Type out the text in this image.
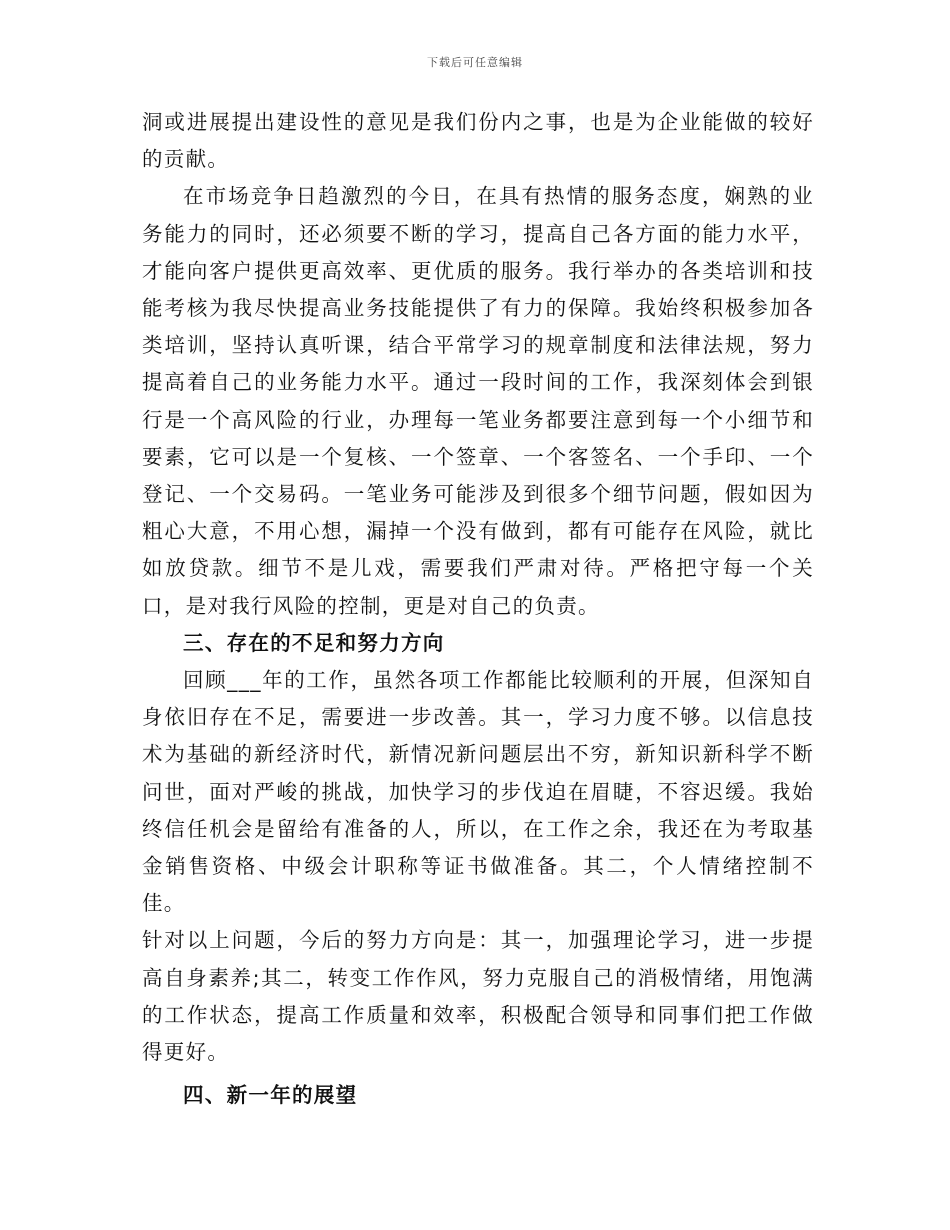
下载后可任意编辑

洞或进展提出建设性的意见是我们份内之事，也是为企业能做的较好的贡献。

在市场竞争日趋激烈的今日，在具有热情的服务态度，娴熟的业务能力的同时，还必须要不断的学习，提高自己各方面的能力水平，才能向客户提供更高效率、更优质的服务。我行举办的各类培训和技能考核为我尽快提高业务技能提供了有力的保障。我始终积极参加各类培训，坚持认真听课，结合平常学习的规章制度和法律法规，努力提高着自己的业务能力水平。通过一段时间的工作，我深刻体会到银行是一个高风险的行业，办理每一笔业务都要注意到每一个小细节和要素，它可以是一个复核、一个签章、一个客签名、一个手印、一个登记、一个交易码。一笔业务可能涉及到很多个细节问题，假如因为粗心大意，不用心想，漏掉一个没有做到，都有可能存在风险，就比如放贷款。细节不是儿戏，需要我们严肃对待。严格把守每一个关口，是对我行风险的控制，更是对自己的负责。

三、存在的不足和努力方向

回顾___年的工作，虽然各项工作都能比较顺利的开展，但深知自身依旧存在不足，需要进一步改善。其一，学习力度不够。以信息技术为基础的新经济时代，新情况新问题层出不穷，新知识新科学不断问世，面对严峻的挑战，加快学习的步伐迫在眉睫，不容迟缓。我始终信任机会是留给有准备的人，所以，在工作之余，我还在为考取基金销售资格、中级会计职称等证书做准备。其二，个人情绪控制不佳。

针对以上问题，今后的努力方向是：其一，加强理论学习，进一步提高自身素养;其二，转变工作作风，努力克服自己的消极情绪，用饱满的工作状态，提高工作质量和效率，积极配合领导和同事们把工作做得更好。

四、新一年的展望
